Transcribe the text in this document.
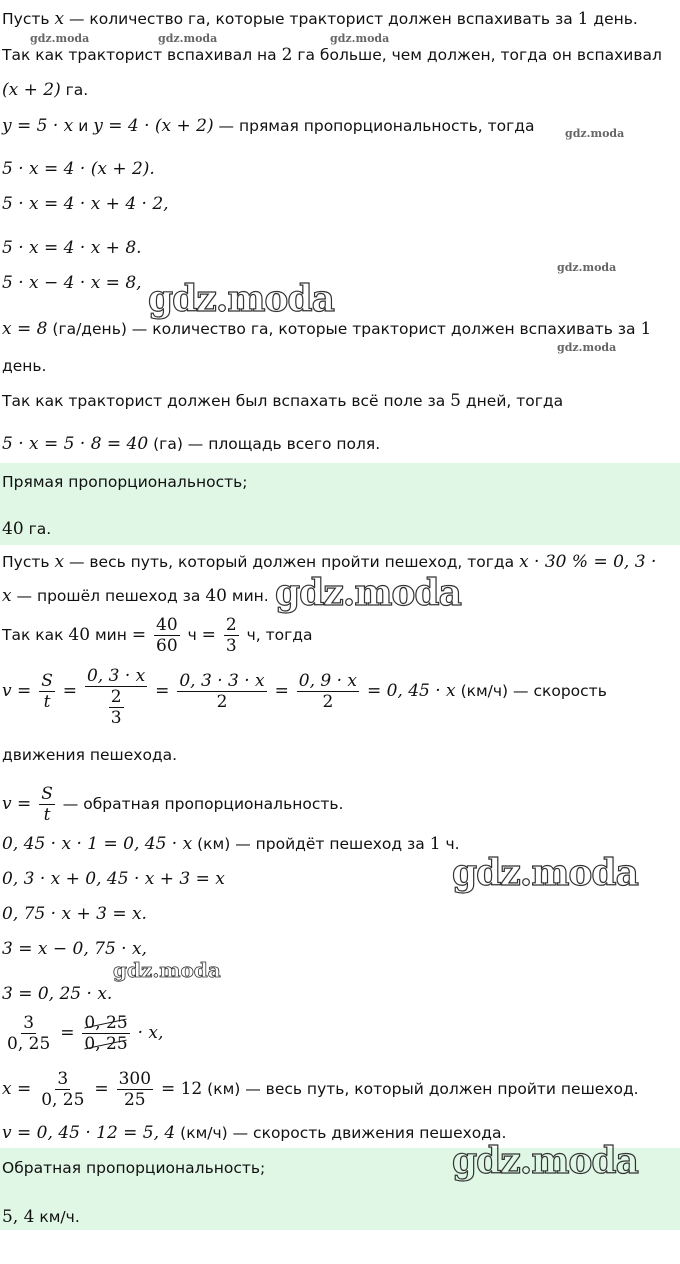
Пусть x — количество га, которые тракторист должен вспахивать за 1 день.
Так как тракторист вспахивал на 2 га больше, чем должен, тогда он вспахивал
(x + 2) га.
y = 5 · x и y = 4 · (x + 2) — прямая пропорциональность, тогда
5 · x = 4 · (x + 2).
5 · x = 4 · x + 4 · 2,
5 · x = 4 · x + 8.
5 · x − 4 · x = 8,
x = 8 (га/день) — количество га, которые тракторист должен вспахивать за 1
день.
Так как тракторист должен был вспахать всё поле за 5 дней, тогда
5 · x = 5 · 8 = 40 (га) — площадь всего поля.
Прямая пропорциональность;
40 га.
Пусть x — весь путь, который должен пройти пешеход, тогда x · 30 % = 0, 3 ·
x — прошёл пешеход за 40 мин.
Так как 40 мин = $\frac{40}{60}$ $ч = \frac{2}{3} ч$, тогда
$v = \frac{S}{t} = \frac{0, 3 \cdot x}{\frac{2}{3}} = \frac{0, 3 \cdot 3 \cdot x}{2} = \frac{0, 9 \cdot x}{2} = 0$, 45 · x (км/ч) — скорость
движения пешехода.
$v = \frac{S}{t}$ — обратная пропорциональность.
0, 45 · x · 1 = 0, 45 · x (км) — пройдёт пешеход за 1 ч.
0, 3 · x + 0, 45 · x + 3 = x
0, 75 · x + 3 = x.
3 = x − 0, 75 · x,
3 = 0, 25 · x.
$\frac{3}{0, 25} = \frac{0, 25}{0, 25} \cdot x$,
$x = \frac{3}{0, 25} = \frac{300}{25} = 12$ (км) — весь путь, который должен пройти пешеход.
v = 0, 45 · 12 = 5, 4 (км/ч) — скорость движения пешехода.
Обратная пропорциональность;
5, 4 км/ч.
gdz.moda	gdz.moda	gdz.moda
gdz.moda
gdz.moda
gdz.moda
gdz.moda
gdz.moda
gdz.moda
gdz.moda
gdz.moda
